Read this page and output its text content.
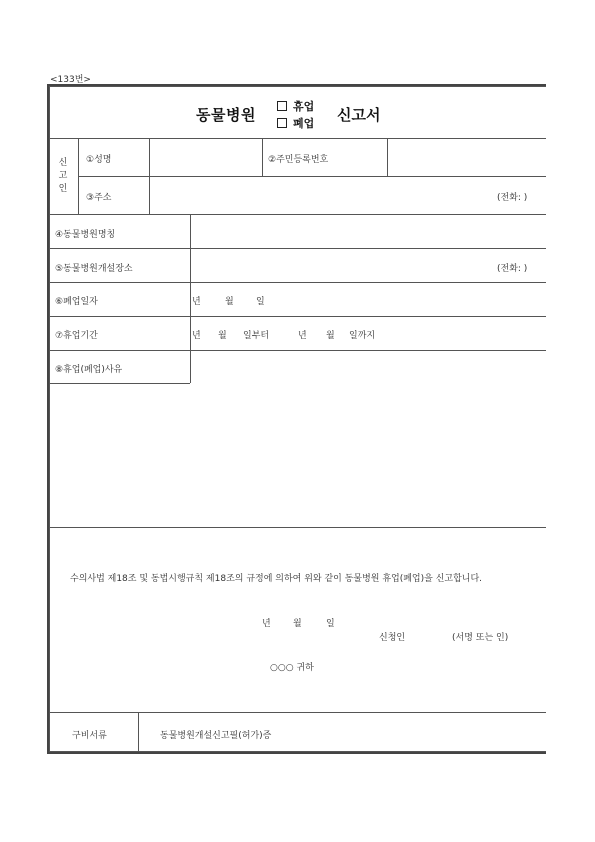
<133번>
동물병원	휴업
폐업 신고서
신
고
인
①성명	②주민등록번호
③주소	(전화: )
④동물병원명칭
⑤동물병원개설장소	(전화: )
⑥폐업일자	년	월 일
⑦휴업기간	년 월 일부터	년 월 일까지
⑧휴업(폐업)사유
수의사법 제18조 및 동법시행규칙 제18조의 규정에 의하여 위와 같이 동물병원 휴업(폐업)을 신고합니다.
년 월	일
신청인	(서명 또는 인)
○○○ 귀하
구비서류	동물병원개설신고필(허가)증
